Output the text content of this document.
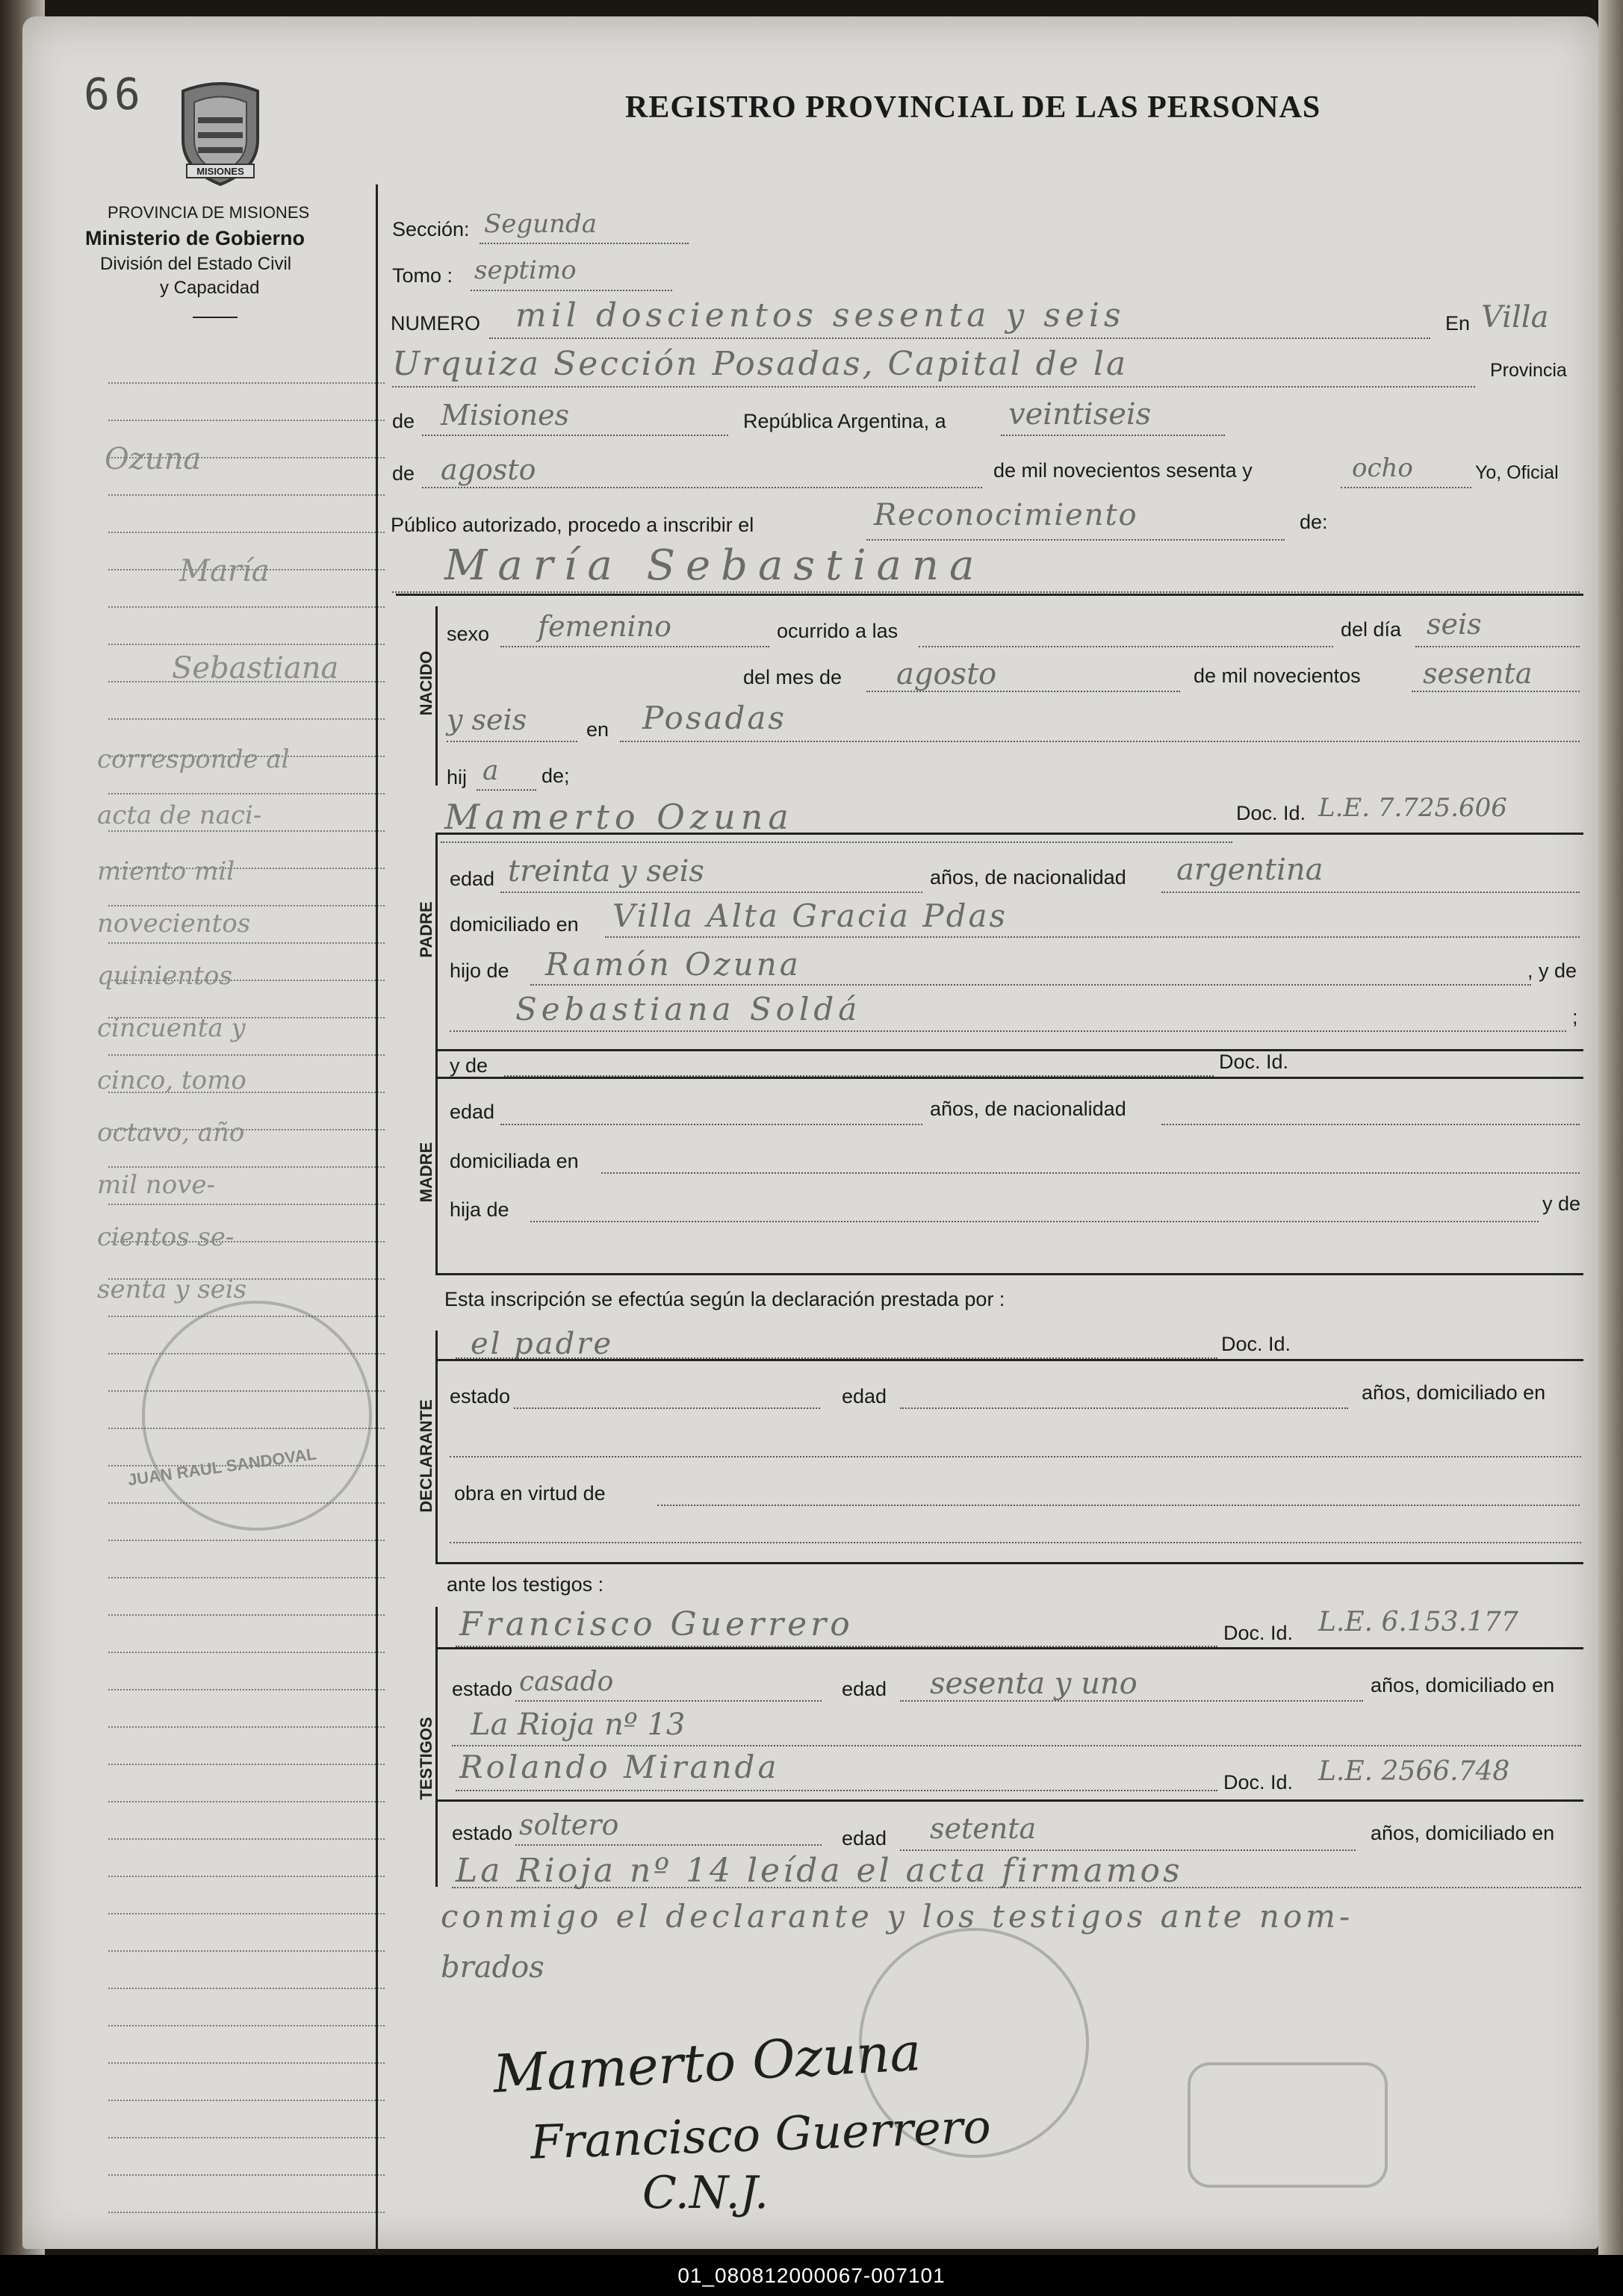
66
MISIONES
REGISTRO PROVINCIAL DE LAS PERSONAS
PROVINCIA DE MISIONES
Ministerio de Gobierno
División del Estado Civil
y Capacidad
Ozuna
María
Sebastiana
corresponde al
acta de naci-
miento mil
novecientos
quinientos
cincuenta y
cinco, tomo
octavo, año
mil nove-
cientos se-
senta y seis
JUAN RAUL SANDOVAL
Sección: Segunda
Tomo : septimo
NUMERO mil doscientos sesenta y seis	En Villa
Urquiza Sección Posadas, Capital de la	Provincia
de Misiones	República Argentina, a veintiseis
de agosto	de mil novecientos sesenta y	ocho	Yo, Oficial
Público autorizado, procedo a inscribir el	Reconocimiento	de:
María Sebastiana
NACIDO
sexo femenino	ocurrido a las	del día seis
del mes de agosto	de mil novecientos sesenta
y seis	en Posadas
hij a de;
Mamerto Ozuna	Doc. Id. L.E. 7.725.606
PADRE
edad treinta y seis	años, de nacionalidad argentina
domiciliado en Villa Alta Gracia Pdas
hijo de Ramón Ozuna	, y de
Sebastiana Soldá	;
MADRE
y de	Doc. Id.
edad	años, de nacionalidad
domiciliada en
hija de	y de
Esta inscripción se efectúa según la declaración prestada por :
el padre	Doc. Id.
DECLARANTE
estado	edad	años, domiciliado en
obra en virtud de
ante los testigos :
TESTIGOS
Francisco Guerrero	Doc. Id. L.E. 6.153.177
estado casado	edad sesenta y uno	años, domiciliado en
La Rioja nº 13
Rolando Miranda	Doc. Id. L.E. 2566.748
estado soltero	edad setenta	años, domiciliado en
La Rioja nº 14 leída el acta firmamos
conmigo el declarante y los testigos ante nom-
brados
Mamerto Ozuna
Francisco Guerrero
C.N.J.
01_080812000067-007101
